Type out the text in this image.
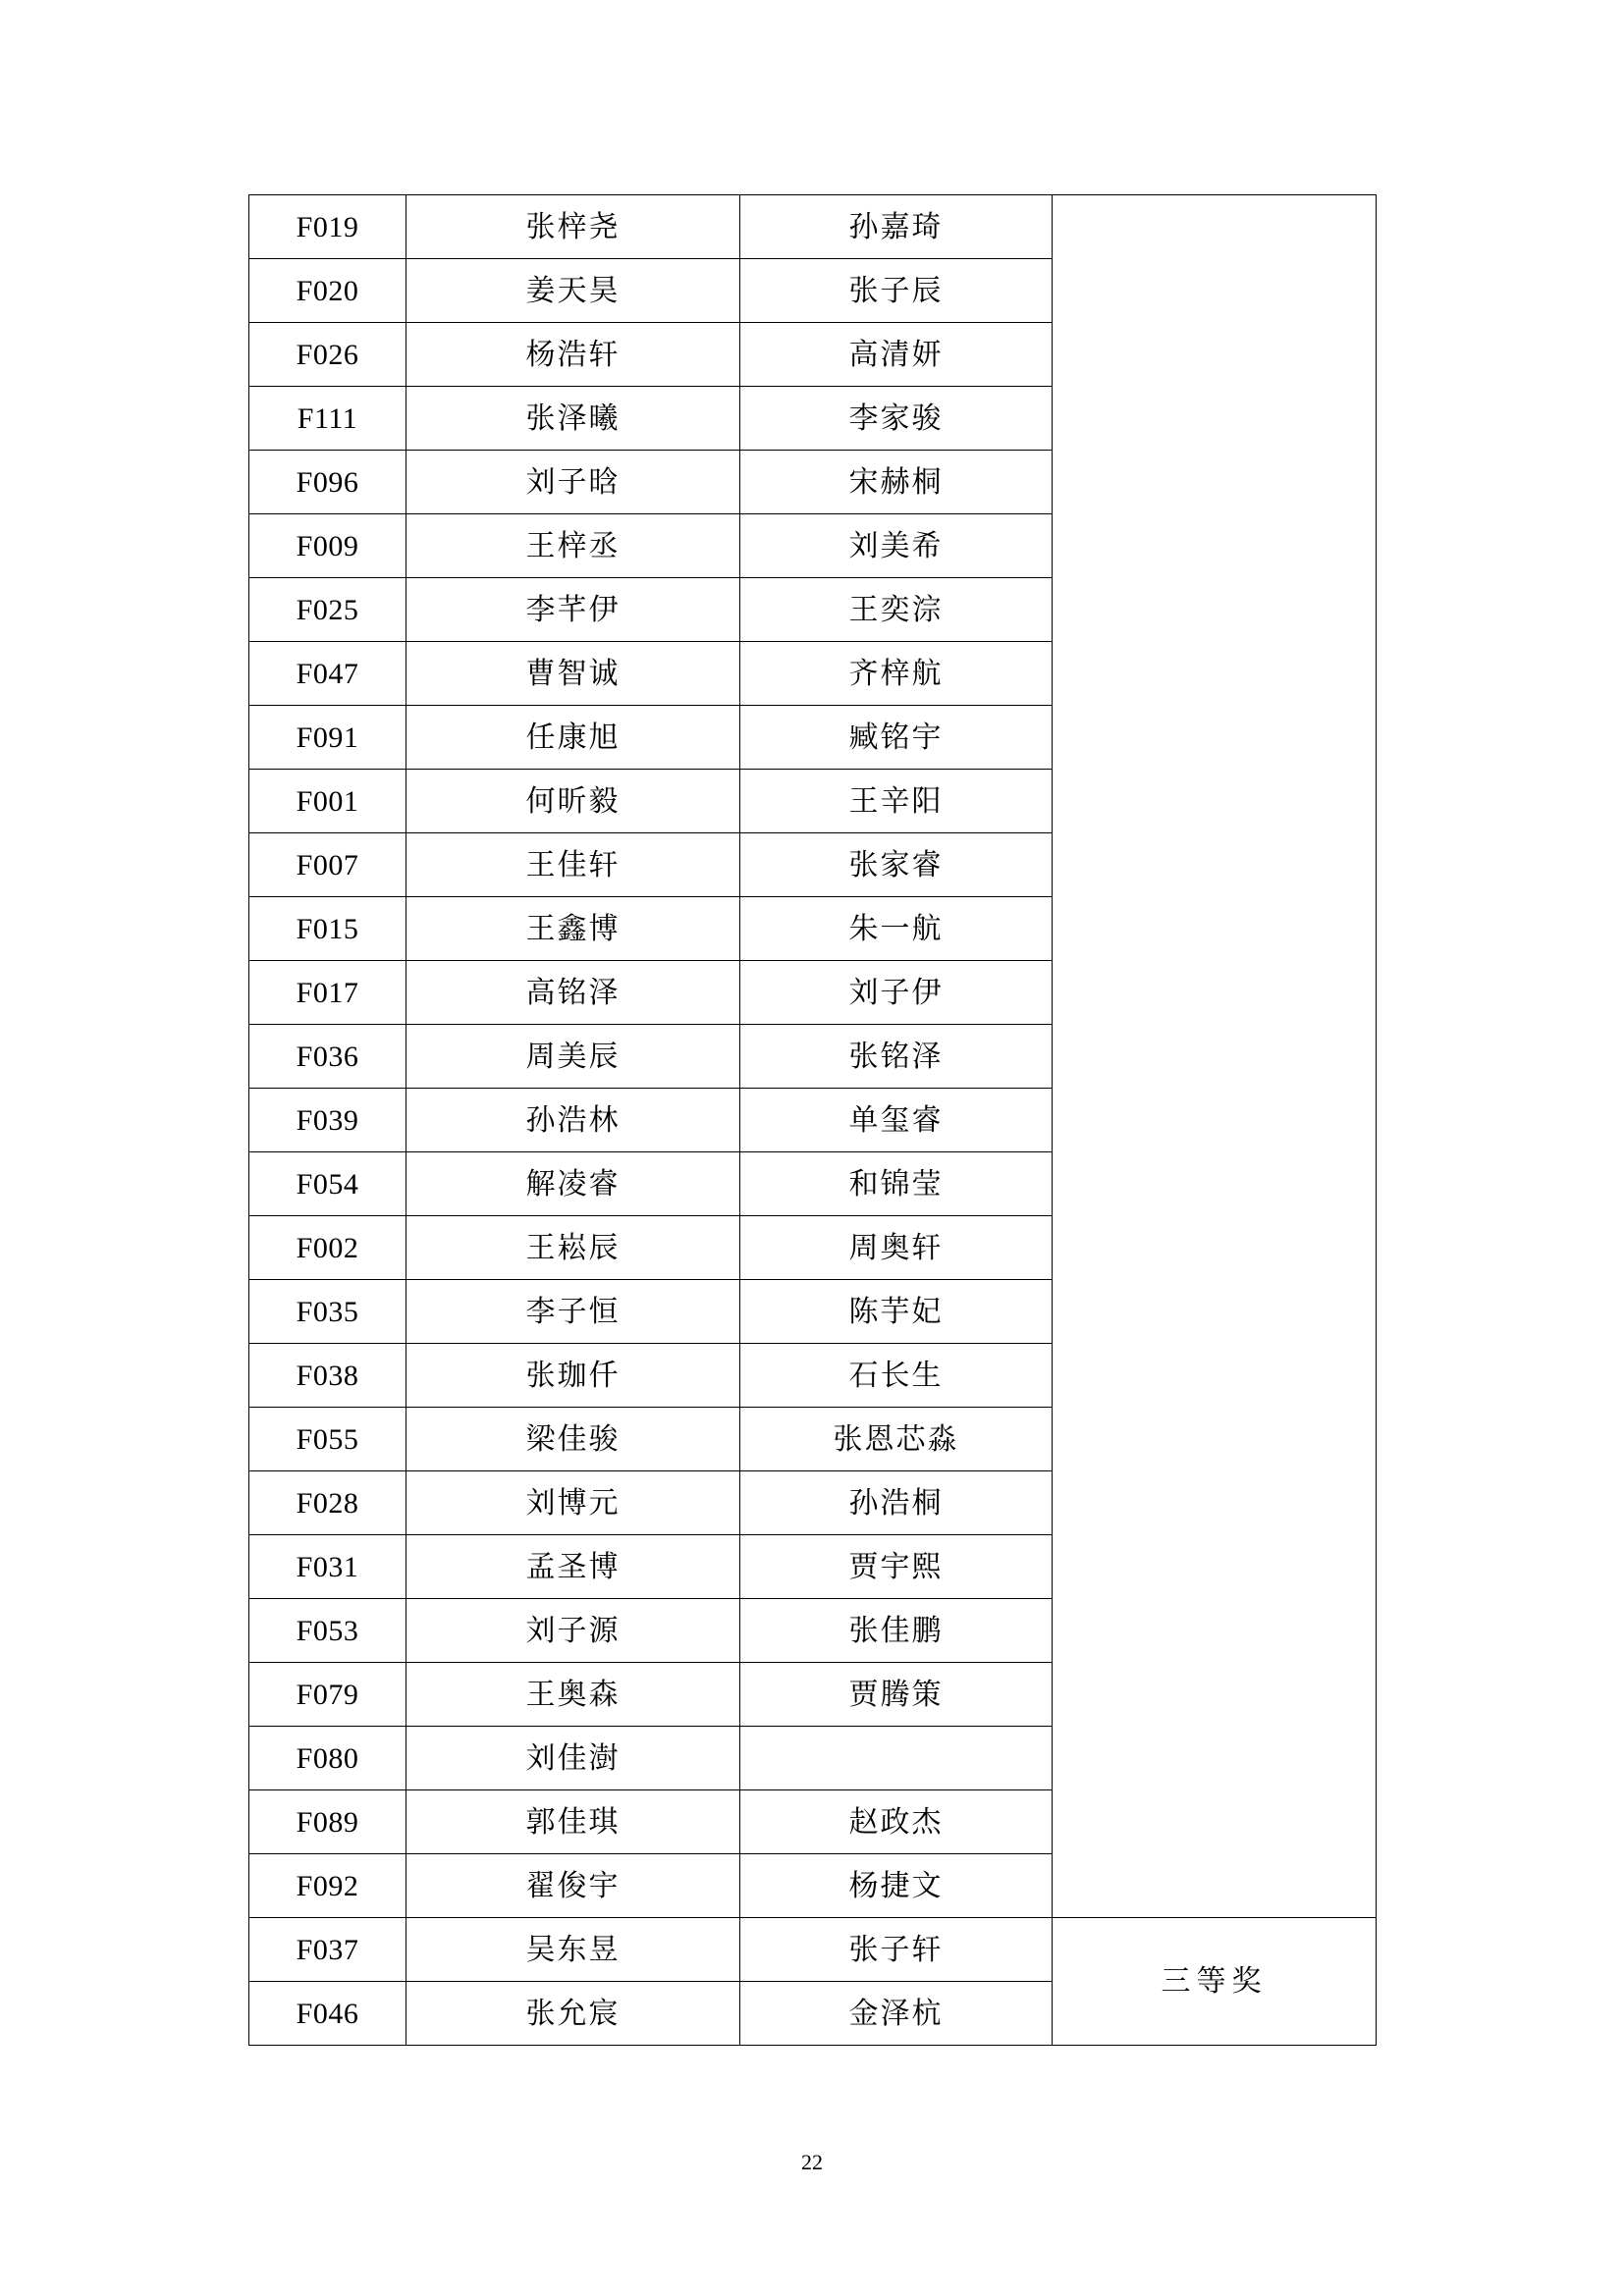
F019	张梓尧	孙嘉琦	
F020	姜天昊	张子辰	
F026	杨浩轩	高清妍	
F111	张泽曦	李家骏	
F096	刘子晗	宋赫桐	
F009	王梓丞	刘美希	
F025	李芊伊	王奕淙	
F047	曹智诚	齐梓航	
F091	任康旭	臧铭宇	
F001	何昕毅	王辛阳	
F007	王佳轩	张家睿	
F015	王鑫博	朱一航	
F017	高铭泽	刘子伊	
F036	周美辰	张铭泽	
F039	孙浩林	单玺睿	
F054	解凌睿	和锦莹	
F002	王崧辰	周奥轩	
F035	李子恒	陈芋妃	
F038	张珈仟	石长生	
F055	梁佳骏	张恩芯淼	
F028	刘博元	孙浩桐	
F031	孟圣博	贾宇熙	
F053	刘子源	张佳鹏	
F079	王奥森	贾腾策	
F080	刘佳澍		
F089	郭佳琪	赵政杰	
F092	翟俊宇	杨捷文	
F037	吴东昱	张子轩	三等奖
F046	张允宸	金泽杭	
22
